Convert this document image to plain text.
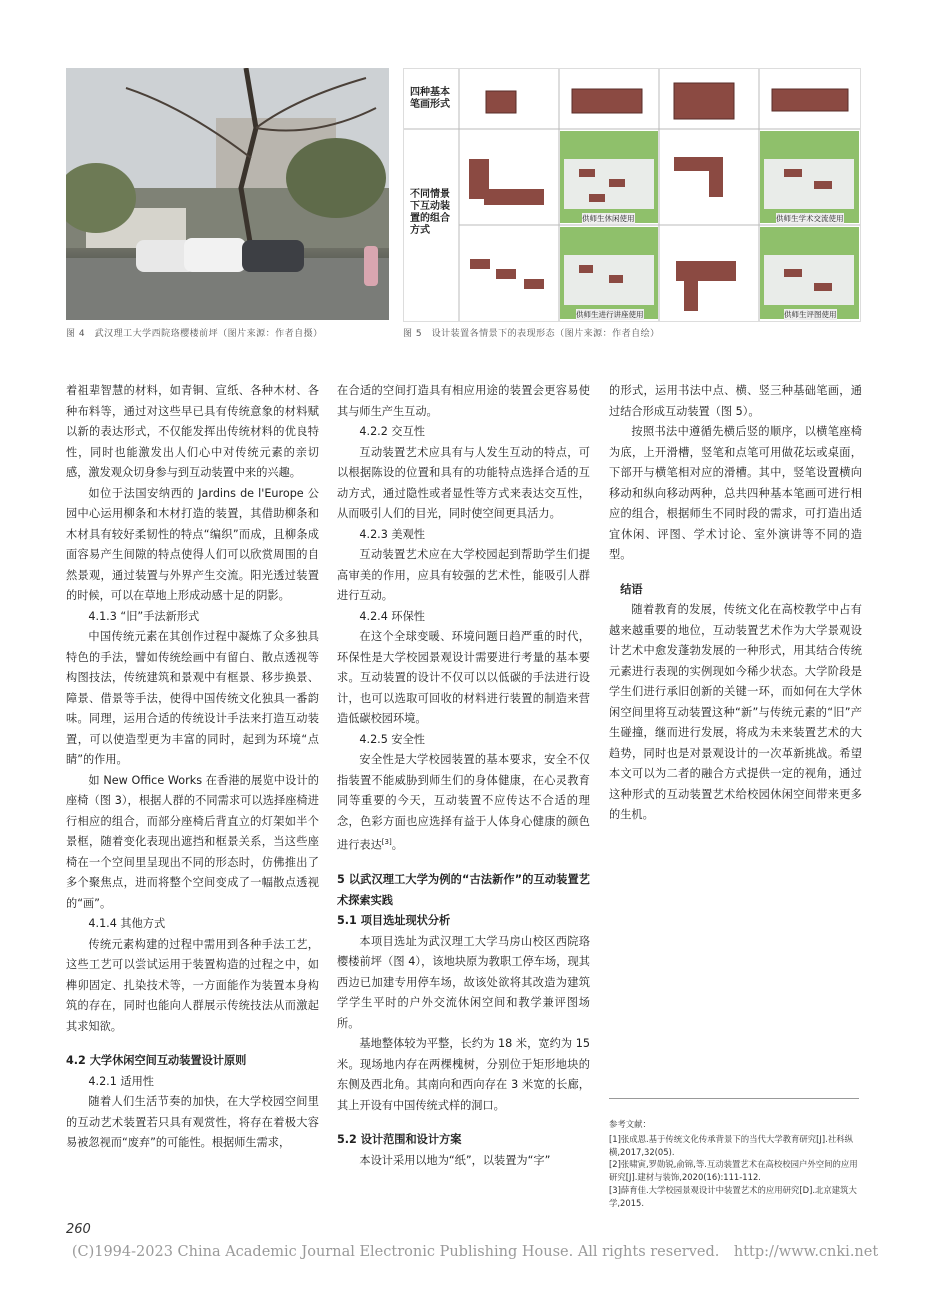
四种基本笔画形式
不同情景下互动装置的组合方式
供师生休闲使用	供师生学术交流使用
供师生进行讲座使用	供师生评图使用
图 4　武汉理工大学西院珞樱楼前坪（图片来源：作者自摄）	图 5　设计装置各情景下的表现形态（图片来源：作者自绘）

着祖辈智慧的材料，如青铜、宣纸、各种木材、各种布料等，通过对这些早已具有传统意象的材料赋以新的表达形式，不仅能发挥出传统材料的优良特性，同时也能激发出人们心中对传统元素的亲切感，激发观众切身参与到互动装置中来的兴趣。

如位于法国安纳西的 Jardins de l'Europe 公园中心运用柳条和木材打造的装置，其借助柳条和木材具有较好柔韧性的特点“编织”而成，且柳条成面容易产生间隙的特点使得人们可以欣赏周围的自然景观，通过装置与外界产生交流。阳光透过装置的时候，可以在草地上形成动感十足的阴影。

4.1.3 “旧”手法新形式

中国传统元素在其创作过程中凝炼了众多独具特色的手法，譬如传统绘画中有留白、散点透视等构图技法，传统建筑和景观中有框景、移步换景、障景、借景等手法，使得中国传统文化独具一番韵味。同理，运用合适的传统设计手法来打造互动装置，可以使造型更为丰富的同时，起到为环境“点睛”的作用。

如 New Office Works 在香港的展览中设计的座椅（图 3），根据人群的不同需求可以选择座椅进行相应的组合，而部分座椅后背直立的灯架如半个景框，随着变化表现出遮挡和框景关系，当这些座椅在一个空间里呈现出不同的形态时，仿佛推出了多个聚焦点，进而将整个空间变成了一幅散点透视的“画”。

4.1.4 其他方式

传统元素构建的过程中需用到各种手法工艺，这些工艺可以尝试运用于装置构造的过程之中，如榫卯固定、扎染技术等，一方面能作为装置本身构筑的存在，同时也能向人群展示传统技法从而激起其求知欲。

4.2 大学休闲空间互动装置设计原则

4.2.1 适用性

随着人们生活节奏的加快，在大学校园空间里的互动艺术装置若只具有观赏性，将存在着极大容易被忽视而“废弃”的可能性。根据师生需求，

在合适的空间打造具有相应用途的装置会更容易使其与师生产生互动。

4.2.2 交互性

互动装置艺术应具有与人发生互动的特点，可以根据陈设的位置和具有的功能特点选择合适的互动方式，通过隐性或者显性等方式来表达交互性，从而吸引人们的目光，同时使空间更具活力。

4.2.3 美观性

互动装置艺术应在大学校园起到帮助学生们提高审美的作用，应具有较强的艺术性，能吸引人群进行互动。

4.2.4 环保性

在这个全球变暖、环境问题日趋严重的时代，环保性是大学校园景观设计需要进行考量的基本要求。互动装置的设计不仅可以以低碳的手法进行设计，也可以选取可回收的材料进行装置的制造来营造低碳校园环境。

4.2.5 安全性

安全性是大学校园装置的基本要求，安全不仅指装置不能威胁到师生们的身体健康，在心灵教育同等重要的今天，互动装置不应传达不合适的理念，色彩方面也应选择有益于人体身心健康的颜色进行表达[3]。

5 以武汉理工大学为例的“古法新作”的互动装置艺术探索实践

5.1 项目选址现状分析

本项目选址为武汉理工大学马房山校区西院珞樱楼前坪（图 4），该地块原为教职工停车场，现其西边已加建专用停车场，故该处欲将其改造为建筑学学生平时的户外交流休闲空间和教学兼评图场所。

基地整体较为平整，长约为 18 米，宽约为 15 米。现场地内存在两棵槐树，分别位于矩形地块的东侧及西北角。其南向和西向存在 3 米宽的长廊，其上开设有中国传统式样的洞口。

5.2 设计范围和设计方案

本设计采用以地为“纸”，以装置为“字”

的形式，运用书法中点、横、竖三种基础笔画，通过结合形成互动装置（图 5）。

按照书法中遵循先横后竖的顺序，以横笔座椅为底，上开滑槽，竖笔和点笔可用做花坛或桌面，下部开与横笔相对应的滑槽。其中，竖笔设置横向移动和纵向移动两种，总共四种基本笔画可进行相应的组合，根据师生不同时段的需求，可打造出适宜休闲、评图、学术讨论、室外演讲等不同的造型。

结语

随着教育的发展，传统文化在高校教学中占有越来越重要的地位，互动装置艺术作为大学景观设计艺术中愈发蓬勃发展的一种形式，用其结合传统元素进行表现的实例现如今稀少状态。大学阶段是学生们进行承旧创新的关键一环，而如何在大学休闲空间里将互动装置这种“新”与传统元素的“旧”产生碰撞，继而进行发展，将成为未来装置艺术的大趋势，同时也是对景观设计的一次革新挑战。希望本文可以为二者的融合方式提供一定的视角，通过这种形式的互动装置艺术给校园休闲空间带来更多的生机。

参考文献：
[1]张成恩.基于传统文化传承背景下的当代大学教育研究[J].社科纵横,2017,32(05).
[2]张啸寅,罗勋锐,俞锦,等.互动装置艺术在高校校园户外空间的应用研究[J].建材与装饰,2020(16):111-112.
[3]薛育佳.大学校园景观设计中装置艺术的应用研究[D].北京建筑大学,2015.
260
(C)1994-2023 China Academic Journal Electronic Publishing House. All rights reserved.　http://www.cnki.net
